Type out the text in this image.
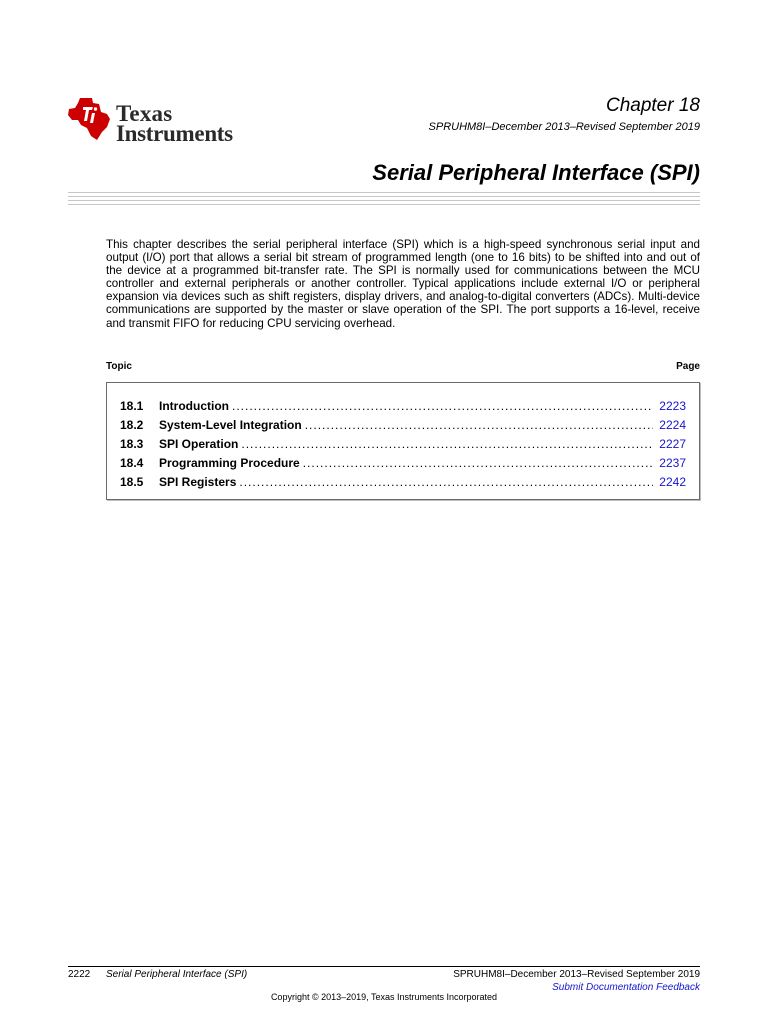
Texas
Instruments
Chapter 18
SPRUHM8I–December 2013–Revised September 2019
Serial Peripheral Interface (SPI)

This chapter describes the serial peripheral interface (SPI) which is a high-speed synchronous serial input and output (I/O) port that allows a serial bit stream of programmed length (one to 16 bits) to be shifted into and out of the device at a programmed bit-transfer rate. The SPI is normally used for communications between the MCU controller and external peripherals or another controller. Typical applications include external I/O or peripheral expansion via devices such as shift registers, display drivers, and analog-to-digital converters (ADCs). Multi-device communications are supported by the master or slave operation of the SPI. The port supports a 16-level, receive and transmit FIFO for reducing CPU servicing overhead.

Topic	Page
18.1	Introduction .....	2223
18.2	System-Level Integration .....	2224
18.3	SPI Operation .....	2227
18.4	Programming Procedure .....	2237
18.5	SPI Registers .....	2242
2222 Serial Peripheral Interface (SPI)	SPRUHM8I–December 2013–Revised September 2019
Submit Documentation Feedback
Copyright © 2013–2019, Texas Instruments Incorporated
